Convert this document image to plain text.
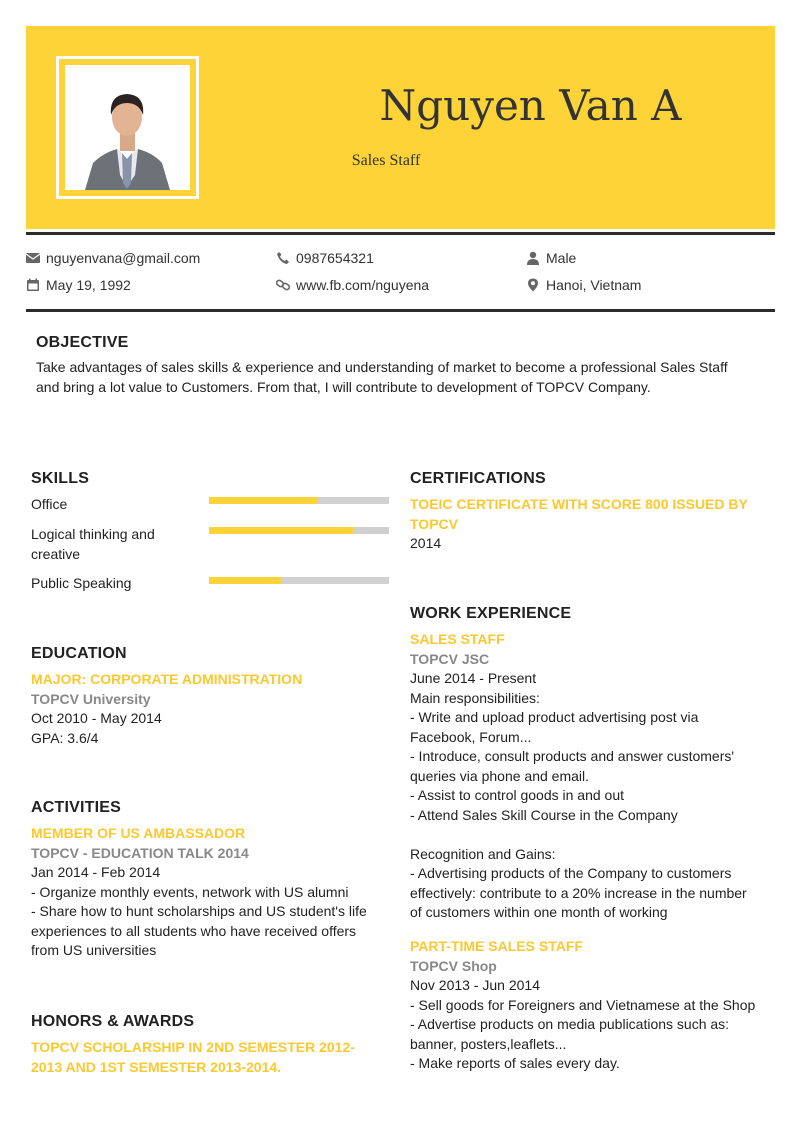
Nguyen Van A
Sales Staff
nguyenvana@gmail.com	0987654321	Male
May 19, 1992	www.fb.com/nguyena	Hanoi, Vietnam
OBJECTIVE
Take advantages of sales skills & experience and understanding of market to become a professional Sales Staff
and bring a lot value to Customers. From that, I will contribute to development of TOPCV Company.
SKILLS
Office
Logical thinking and
creative
Public Speaking
EDUCATION
MAJOR: CORPORATE ADMINISTRATION
TOPCV University
Oct 2010 - May 2014
GPA: 3.6/4
ACTIVITIES
MEMBER OF US AMBASSADOR
TOPCV - EDUCATION TALK 2014
Jan 2014 - Feb 2014
- Organize monthly events, network with US alumni
- Share how to hunt scholarships and US student's life
experiences to all students who have received offers
from US universities
HONORS & AWARDS
TOPCV SCHOLARSHIP IN 2ND SEMESTER 2012-
2013 AND 1ST SEMESTER 2013-2014.
CERTIFICATIONS
TOEIC CERTIFICATE WITH SCORE 800 ISSUED BY
TOPCV
2014
WORK EXPERIENCE
SALES STAFF
TOPCV JSC
June 2014 - Present
Main responsibilities:
- Write and upload product advertising post via
Facebook, Forum...
- Introduce, consult products and answer customers'
queries via phone and email.
- Assist to control goods in and out
- Attend Sales Skill Course in the Company
Recognition and Gains:
- Advertising products of the Company to customers
effectively: contribute to a 20% increase in the number
of customers within one month of working
PART-TIME SALES STAFF
TOPCV Shop
Nov 2013 - Jun 2014
- Sell goods for Foreigners and Vietnamese at the Shop
- Advertise products on media publications such as:
banner, posters,leaflets...
- Make reports of sales every day.
